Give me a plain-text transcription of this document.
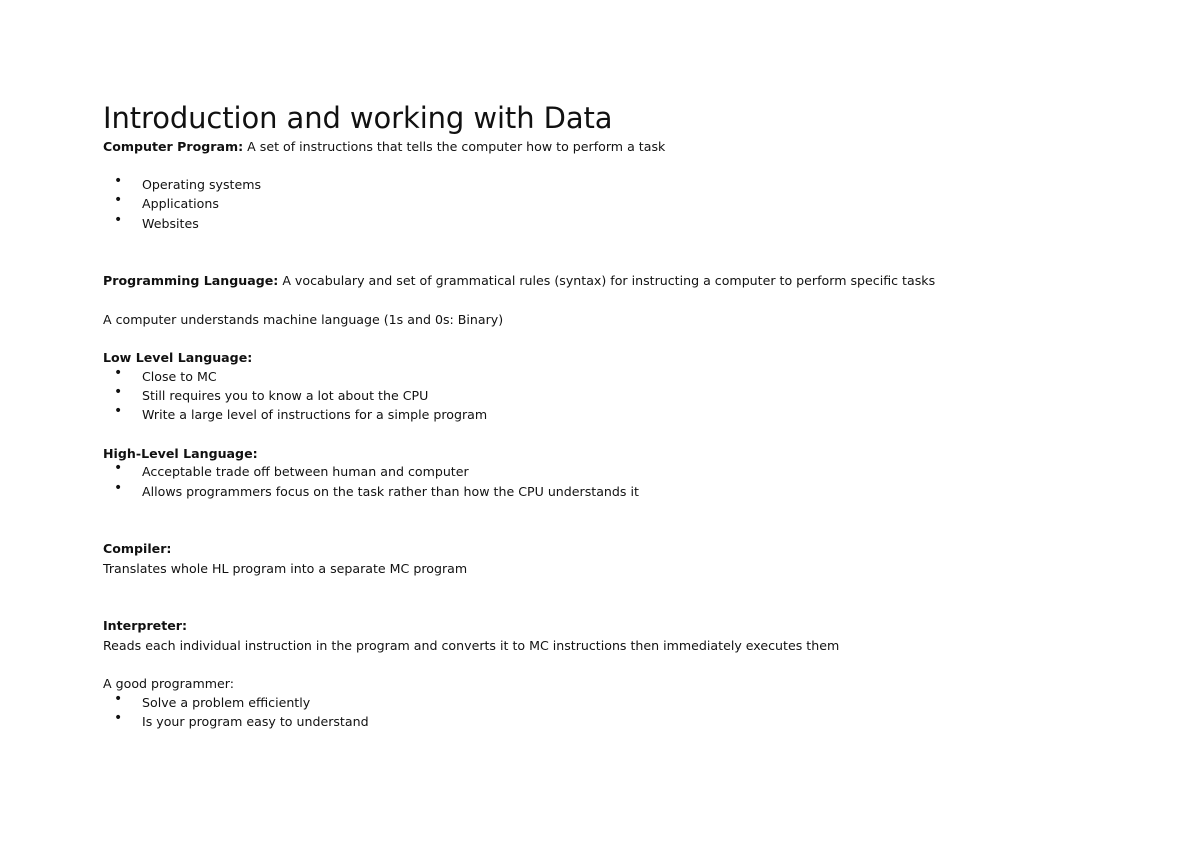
Introduction and working with Data
Computer Program: A set of instructions that tells the computer how to perform a task
• Operating systems
• Applications
• Websites
Programming Language: A vocabulary and set of grammatical rules (syntax) for instructing a computer to perform specific tasks
A computer understands machine language (1s and 0s: Binary)
Low Level Language:
• Close to MC
• Still requires you to know a lot about the CPU
• Write a large level of instructions for a simple program
High-Level Language:
• Acceptable trade off between human and computer
• Allows programmers focus on the task rather than how the CPU understands it
Compiler:
Translates whole HL program into a separate MC program
Interpreter:
Reads each individual instruction in the program and converts it to MC instructions then immediately executes them
A good programmer:
• Solve a problem efficiently
• Is your program easy to understand
